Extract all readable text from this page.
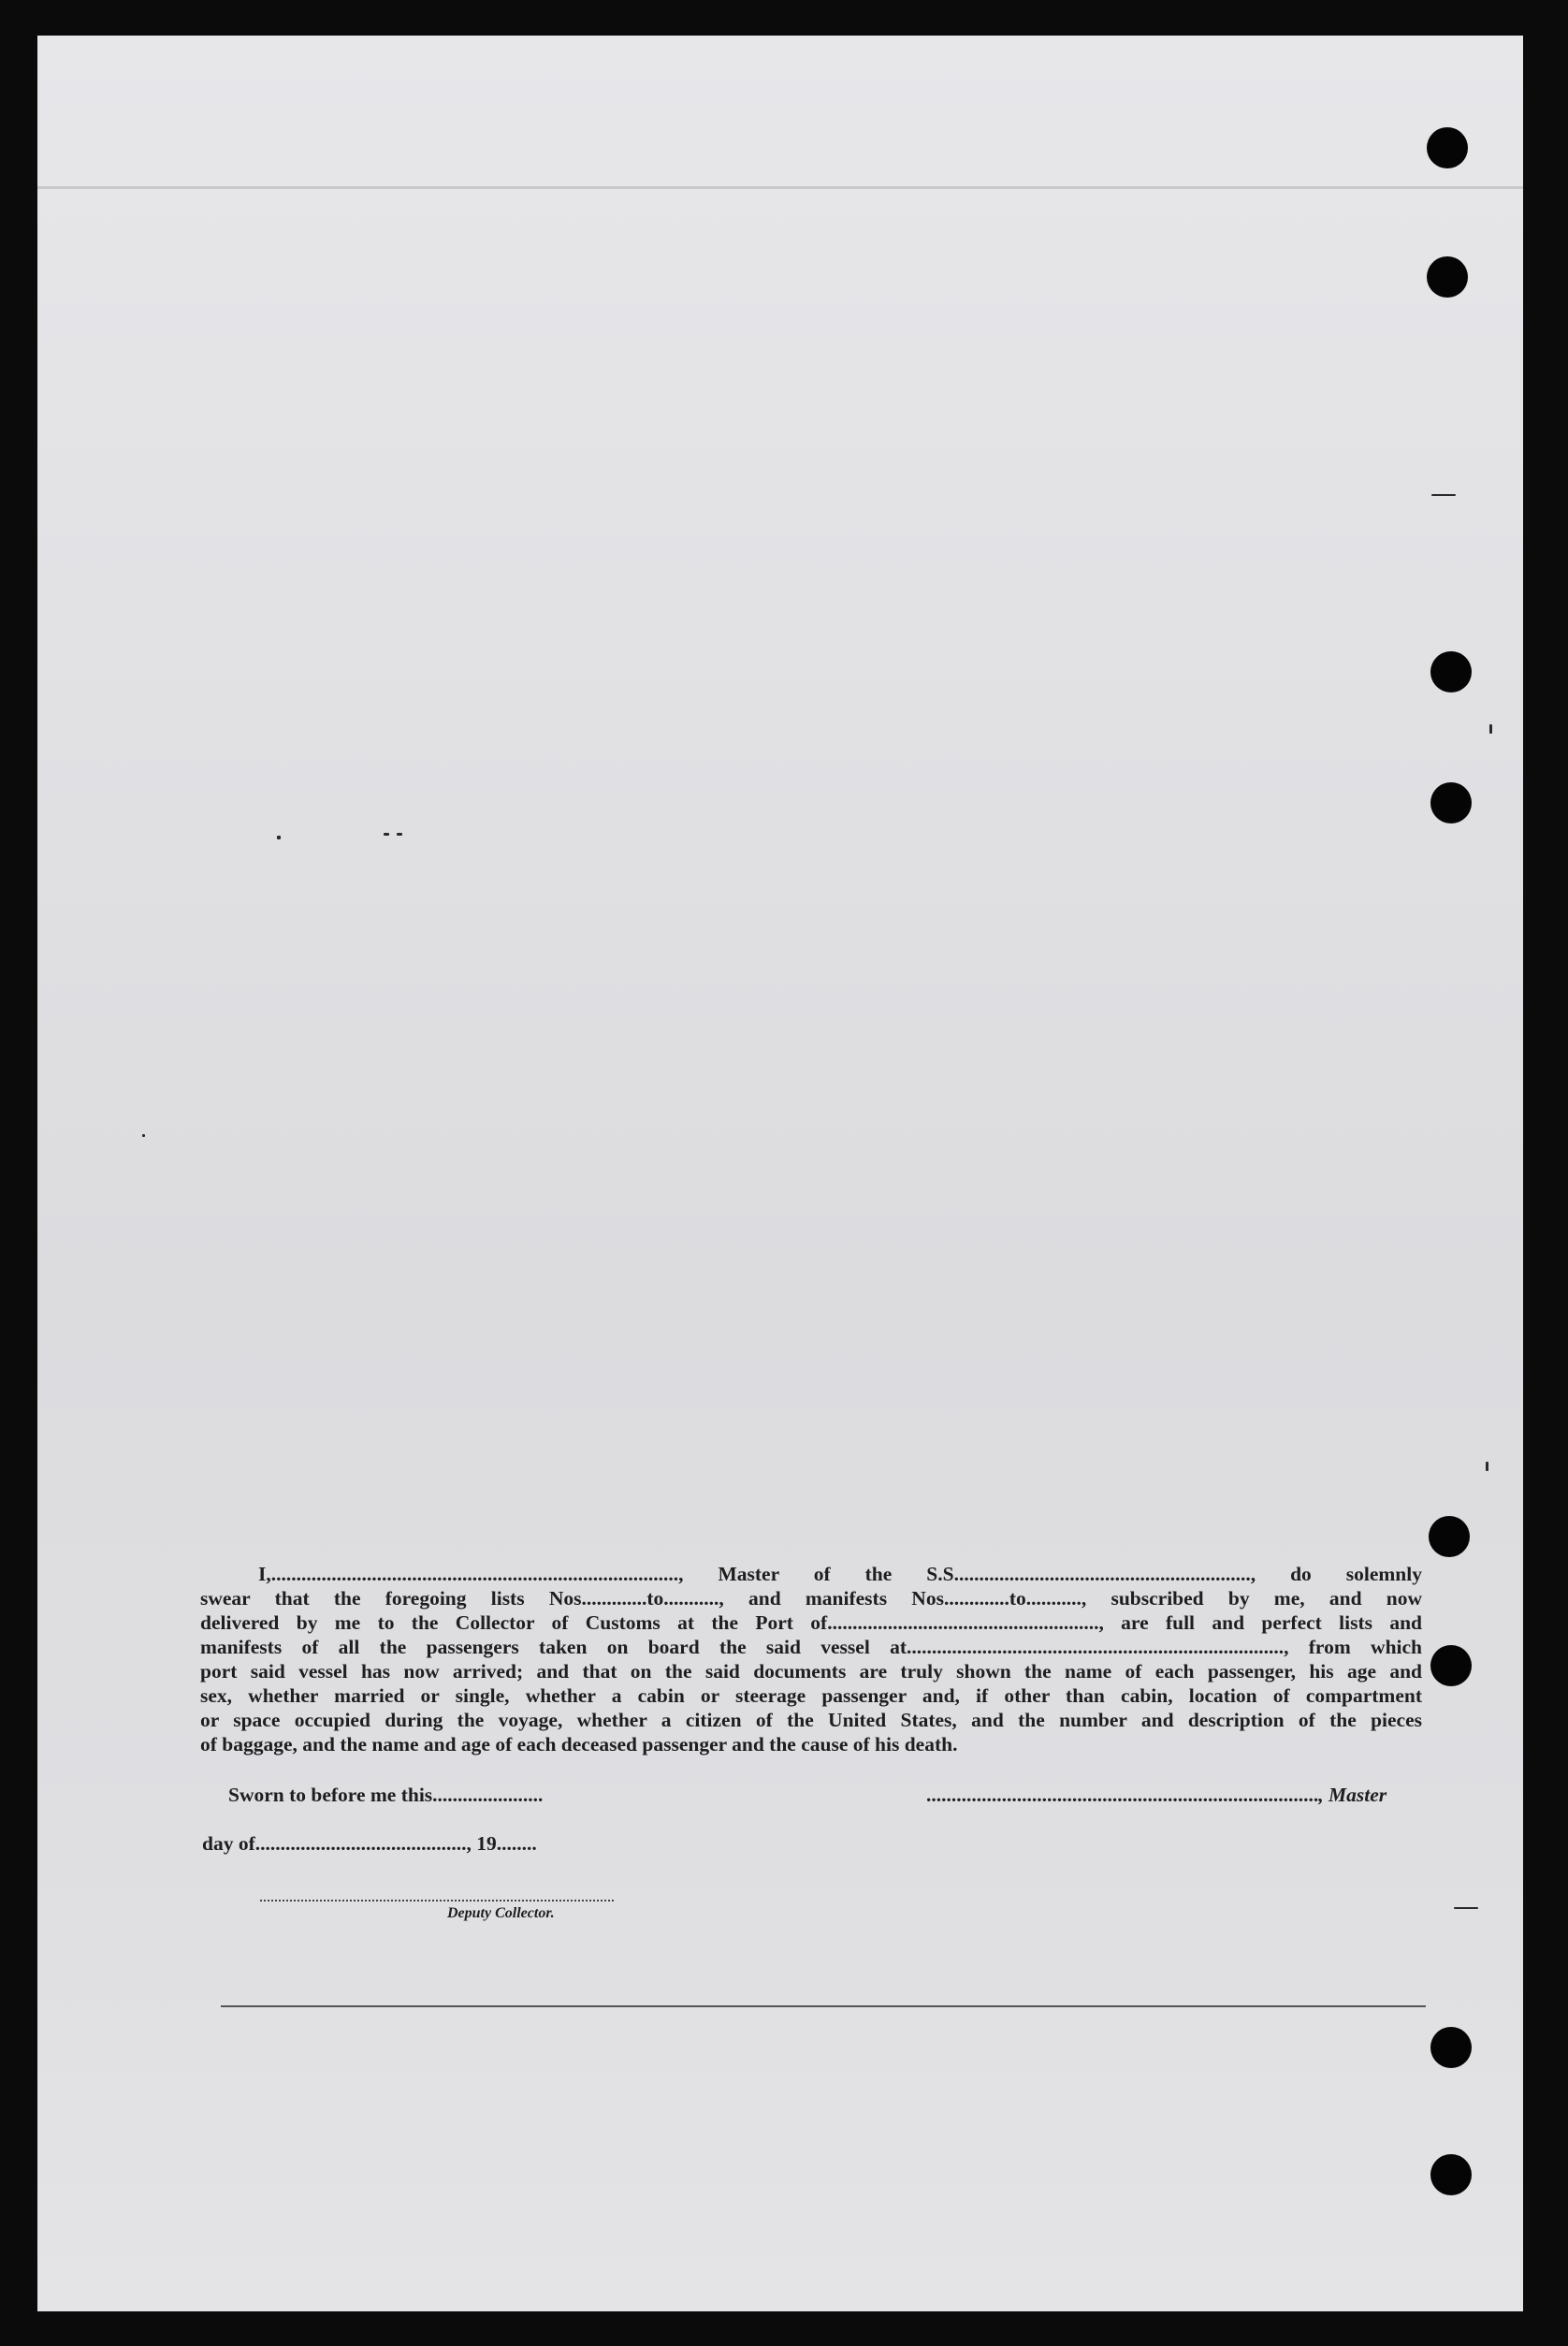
I,................................................................................., Master of the S.S..........................................................., do solemnly
swear that the foregoing lists Nos.............to..........., and manifests Nos.............to..........., subscribed by me, and now
delivered by me to the Collector of Customs at the Port of......................................................, are full and perfect lists and
manifests of all the passengers taken on board the said vessel at..........................................................................., from which
port said vessel has now arrived; and that on the said documents are truly shown the name of each passenger, his age and
sex, whether married or single, whether a cabin or steerage passenger and, if other than cabin, location of compartment
or space occupied during the voyage, whether a citizen of the United States, and the number and description of the pieces
of baggage, and the name and age of each deceased passenger and the cause of his death.
Sworn to before me this......................	.............................................................................., Master
day of.........................................., 19........
Deputy Collector.
